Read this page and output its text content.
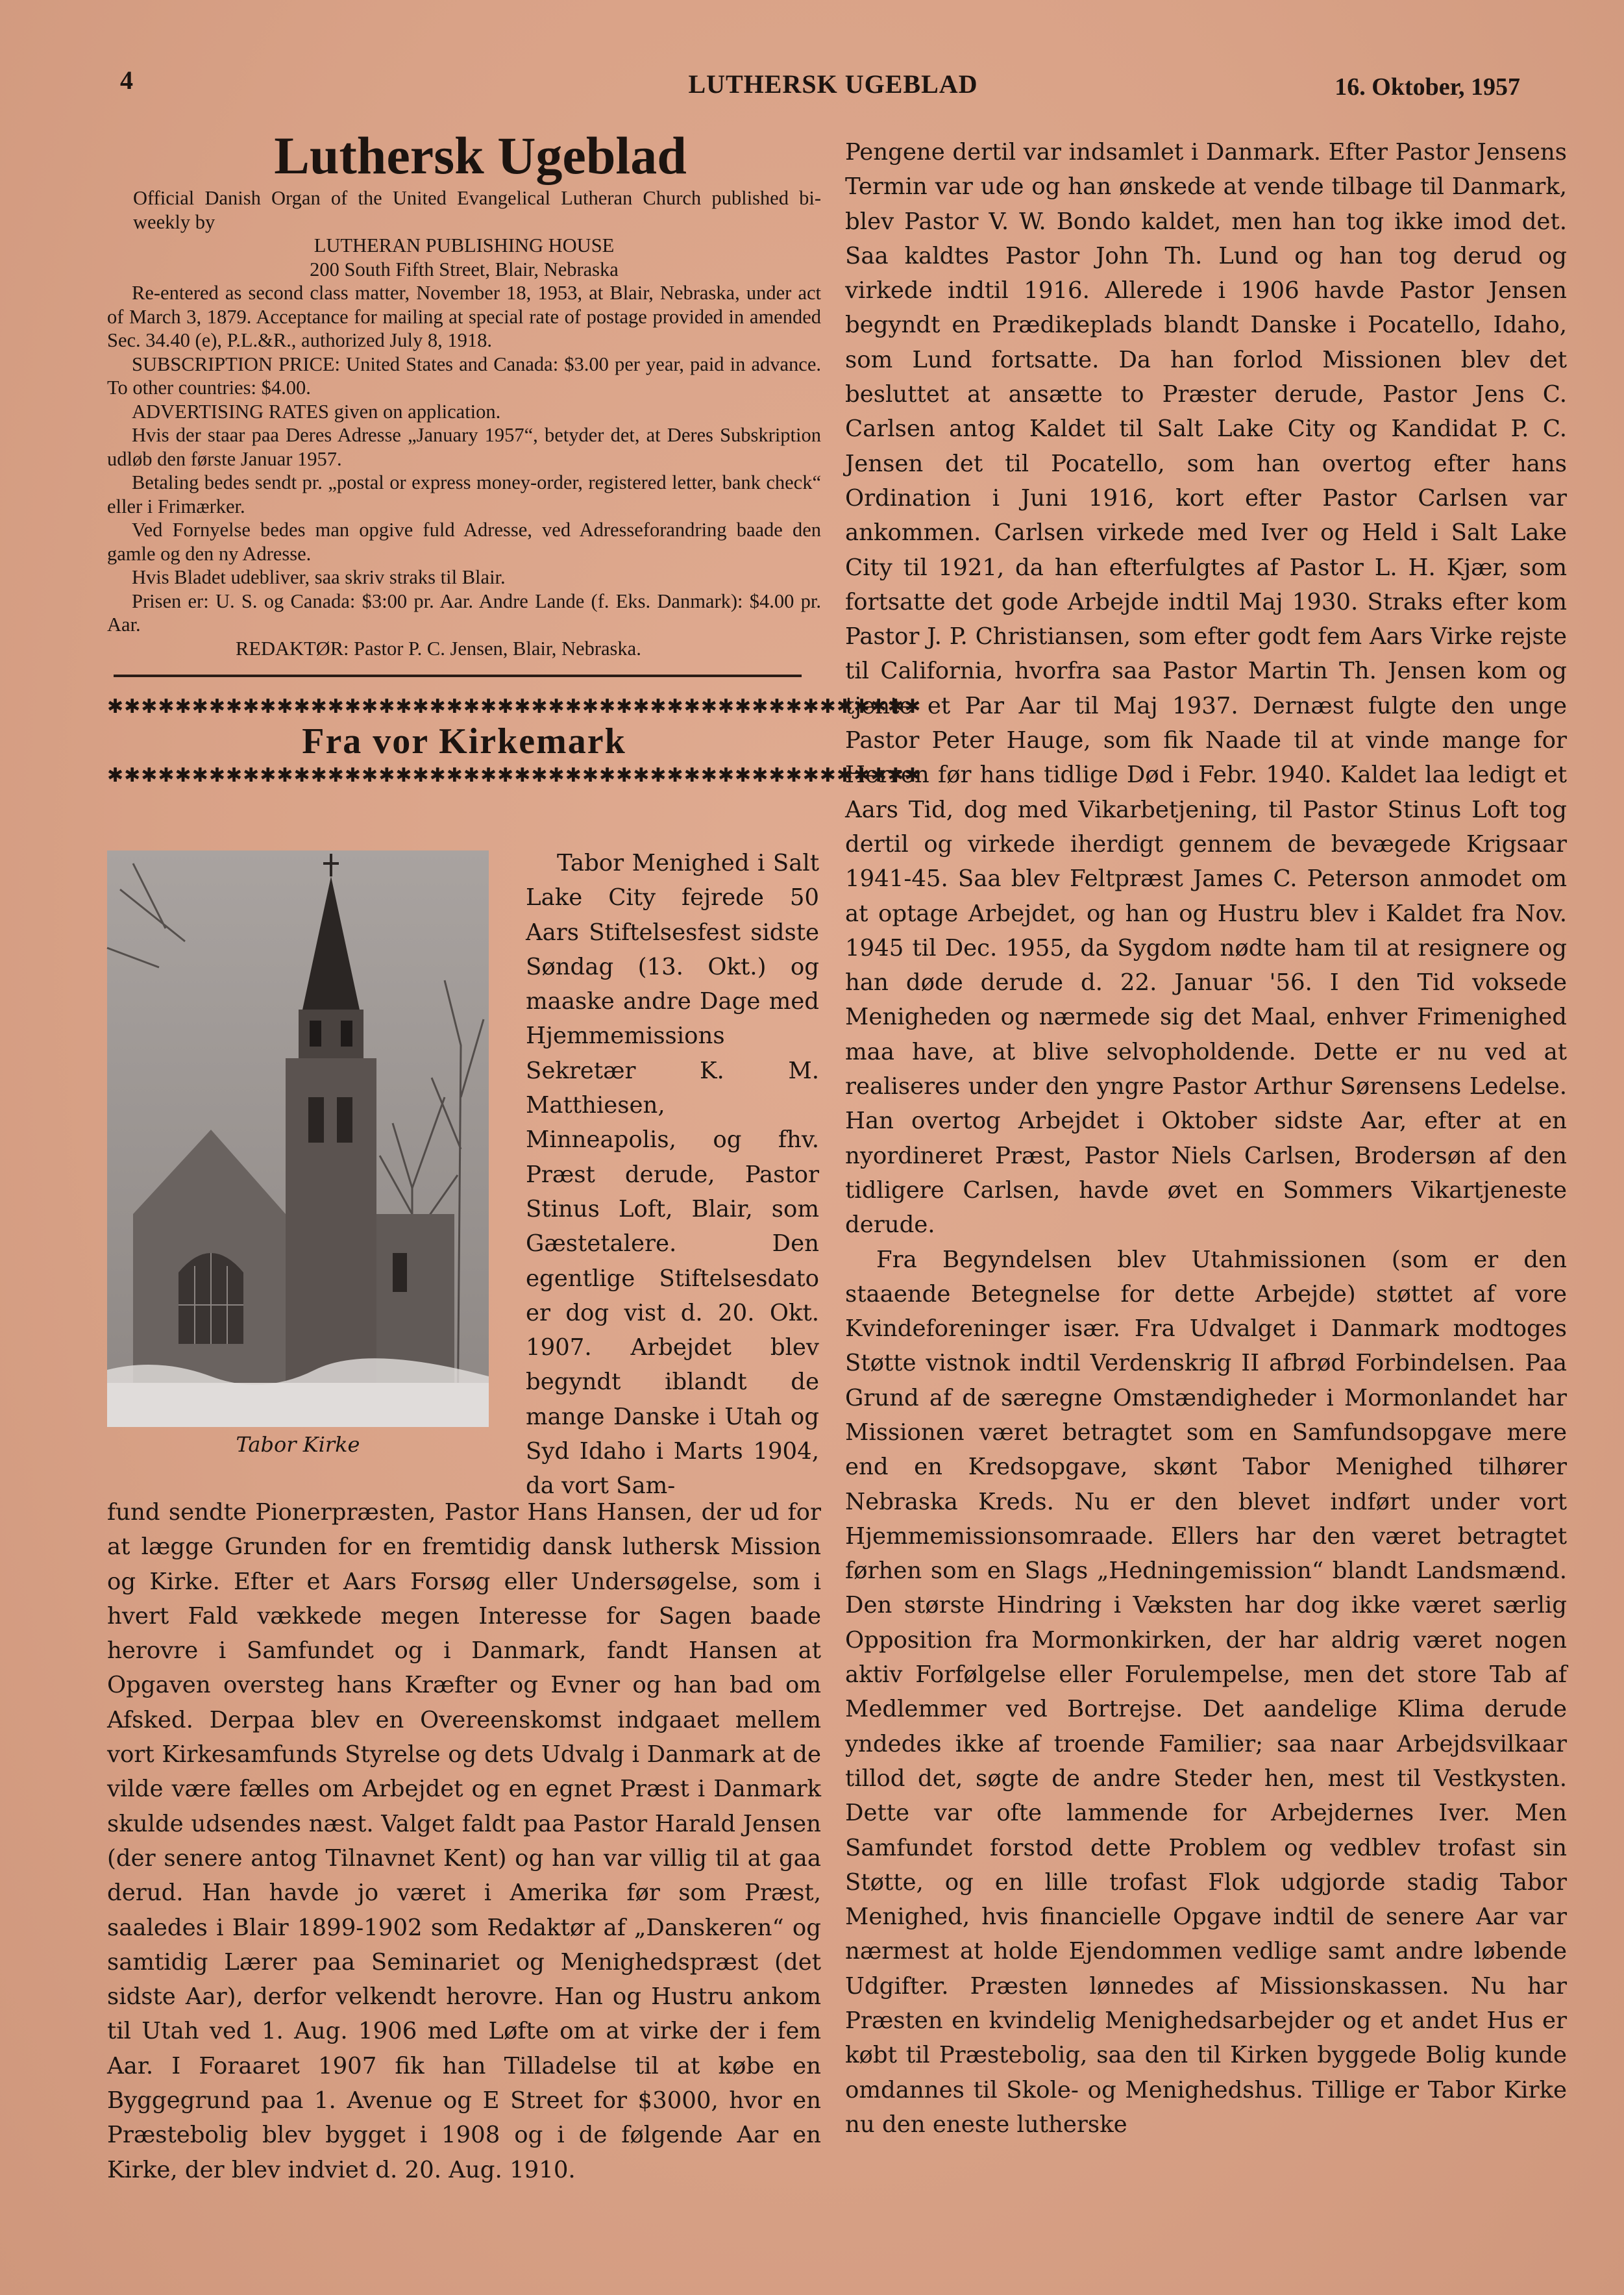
4	LUTHERSK UGEBLAD	16. Oktober, 1957
Luthersk Ugeblad

Official Danish Organ of the United Evangelical Lutheran Church published bi-weekly by

LUTHERAN PUBLISHING HOUSE

200 South Fifth Street, Blair, Nebraska

Re-entered as second class matter, November 18, 1953, at Blair, Nebraska, under act of March 3, 1879. Acceptance for mailing at special rate of postage provided in amended Sec. 34.40 (e), P.L.&R., authorized July 8, 1918.

SUBSCRIPTION PRICE: United States and Canada: $3.00 per year, paid in advance. To other countries: $4.00.

ADVERTISING RATES given on application.

Hvis der staar paa Deres Adresse „January 1957“, betyder det, at Deres Subskription udløb den første Januar 1957.

Betaling bedes sendt pr. „postal or express money-order, registered letter, bank check“ eller i Frimærker.

Ved Fornyelse bedes man opgive fuld Adresse, ved Adresseforandring baade den gamle og den ny Adresse.

Hvis Bladet udebliver, saa skriv straks til Blair.

Prisen er: U. S. og Canada: $3:00 pr. Aar. Andre Lande (f. Eks. Danmark): $4.00 pr. Aar.

REDAKTØR: Pastor P. C. Jensen, Blair, Nebraska.

✱✱✱✱✱✱✱✱✱✱✱✱✱✱✱✱✱✱✱✱✱✱✱✱✱✱✱✱✱✱✱✱✱✱✱✱✱✱✱✱✱✱✱✱✱✱✱✱
Fra vor Kirkemark
✱✱✱✱✱✱✱✱✱✱✱✱✱✱✱✱✱✱✱✱✱✱✱✱✱✱✱✱✱✱✱✱✱✱✱✱✱✱✱✱✱✱✱✱✱✱✱✱
Tabor Kirke

Tabor Menighed i Salt Lake City fejrede 50 Aars Stiftelsesfest sidste Søndag (13. Okt.) og maaske andre Dage med Hjemmemissions Sekretær K. M. Matthiesen, Minneapolis, og fhv. Præst derude, Pastor Stinus Loft, Blair, som Gæstetalere. Den egentlige Stiftelsesdato er dog vist d. 20. Okt. 1907. Arbejdet blev begyndt iblandt de mange Danske i Utah og Syd Idaho i Marts 1904, da vort Sam-

fund sendte Pionerpræsten, Pastor Hans Hansen, der ud for at lægge Grunden for en fremtidig dansk luthersk Mission og Kirke. Efter et Aars Forsøg eller Undersøgelse, som i hvert Fald vækkede megen Interesse for Sagen baade herovre i Samfundet og i Danmark, fandt Hansen at Opgaven oversteg hans Kræfter og Evner og han bad om Afsked. Derpaa blev en Overeenskomst indgaaet mellem vort Kirkesamfunds Styrelse og dets Udvalg i Danmark at de vilde være fælles om Arbejdet og en egnet Præst i Danmark skulde udsendes næst. Valget faldt paa Pastor Harald Jensen (der senere antog Tilnavnet Kent) og han var villig til at gaa derud. Han havde jo været i Amerika før som Præst, saaledes i Blair 1899-1902 som Redaktør af „Danskeren“ og samtidig Lærer paa Seminariet og Menighedspræst (det sidste Aar), derfor velkendt herovre. Han og Hustru ankom til Utah ved 1. Aug. 1906 med Løfte om at virke der i fem Aar. I Foraaret 1907 fik han Tilladelse til at købe en Byggegrund paa 1. Avenue og E Street for $3000, hvor en Præstebolig blev bygget i 1908 og i de følgende Aar en Kirke, der blev indviet d. 20. Aug. 1910.

Pengene dertil var indsamlet i Danmark. Efter Pastor Jensens Termin var ude og han ønskede at vende tilbage til Danmark, blev Pastor V. W. Bondo kaldet, men han tog ikke imod det. Saa kaldtes Pastor John Th. Lund og han tog derud og virkede indtil 1916. Allerede i 1906 havde Pastor Jensen begyndt en Prædikeplads blandt Danske i Pocatello, Idaho, som Lund fortsatte. Da han forlod Missionen blev det besluttet at ansætte to Præster derude, Pastor Jens C. Carlsen antog Kaldet til Salt Lake City og Kandidat P. C. Jensen det til Pocatello, som han overtog efter hans Ordination i Juni 1916, kort efter Pastor Carlsen var ankommen. Carlsen virkede med Iver og Held i Salt Lake City til 1921, da han efterfulgtes af Pastor L. H. Kjær, som fortsatte det gode Arbejde indtil Maj 1930. Straks efter kom Pastor J. P. Christiansen, som efter godt fem Aars Virke rejste til California, hvorfra saa Pastor Martin Th. Jensen kom og tjente et Par Aar til Maj 1937. Dernæst fulgte den unge Pastor Peter Hauge, som fik Naade til at vinde mange for Herren før hans tidlige Død i Febr. 1940. Kaldet laa ledigt et Aars Tid, dog med Vikarbetjening, til Pastor Stinus Loft tog dertil og virkede iherdigt gennem de bevægede Krigsaar 1941-45. Saa blev Feltpræst James C. Peterson anmodet om at optage Arbejdet, og han og Hustru blev i Kaldet fra Nov. 1945 til Dec. 1955, da Sygdom nødte ham til at resignere og han døde derude d. 22. Januar '56. I den Tid voksede Menigheden og nærmede sig det Maal, enhver Frimenighed maa have, at blive selvopholdende. Dette er nu ved at realiseres under den yngre Pastor Arthur Sørensens Ledelse. Han overtog Arbejdet i Oktober sidste Aar, efter at en nyordineret Præst, Pastor Niels Carlsen, Brodersøn af den tidligere Carlsen, havde øvet en Sommers Vikartjeneste derude.

Fra Begyndelsen blev Utahmissionen (som er den staaende Betegnelse for dette Arbejde) støttet af vore Kvindeforeninger især. Fra Udvalget i Danmark modtoges Støtte vistnok indtil Verdenskrig II afbrød Forbindelsen. Paa Grund af de særegne Omstændigheder i Mormonlandet har Missionen været betragtet som en Samfundsopgave mere end en Kredsopgave, skønt Tabor Menighed tilhører Nebraska Kreds. Nu er den blevet indført under vort Hjemmemissionsomraade. Ellers har den været betragtet førhen som en Slags „Hedningemission“ blandt Landsmænd. Den største Hindring i Væksten har dog ikke været særlig Opposition fra Mormonkirken, der har aldrig været nogen aktiv Forfølgelse eller Forulempelse, men det store Tab af Medlemmer ved Bortrejse. Det aandelige Klima derude yndedes ikke af troende Familier; saa naar Arbejdsvilkaar tillod det, søgte de andre Steder hen, mest til Vestkysten. Dette var ofte lammende for Arbejdernes Iver. Men Samfundet forstod dette Problem og vedblev trofast sin Støtte, og en lille trofast Flok udgjorde stadig Tabor Menighed, hvis financielle Opgave indtil de senere Aar var nærmest at holde Ejendommen vedlige samt andre løbende Udgifter. Præsten lønnedes af Missionskassen. Nu har Præsten en kvindelig Menighedsarbejder og et andet Hus er købt til Præstebolig, saa den til Kirken byggede Bolig kunde omdannes til Skole- og Menighedshus. Tillige er Tabor Kirke nu den eneste lutherske
